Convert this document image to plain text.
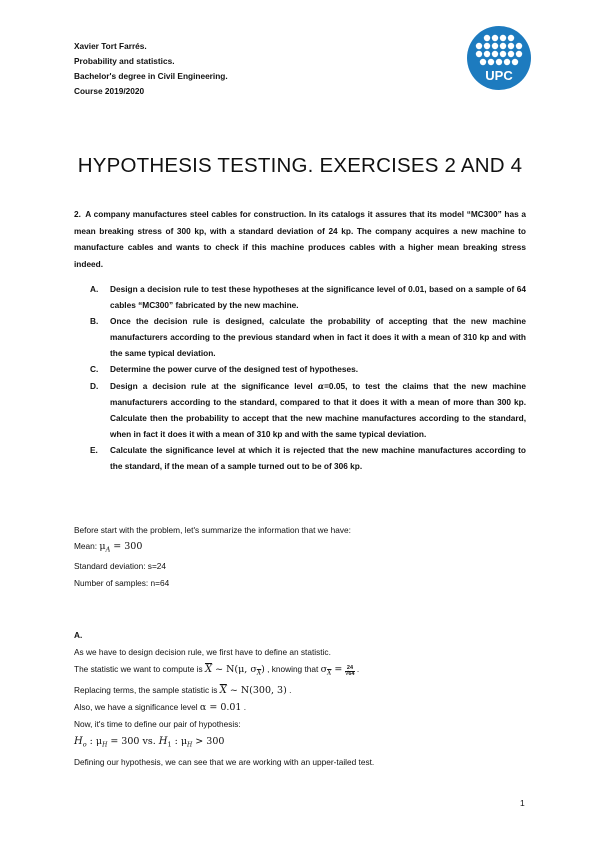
Xavier Tort Farrés.
Probability and statistics.
Bachelor's degree in Civil Engineering.
Course 2019/2020
UPC
HYPOTHESIS TESTING. EXERCISES 2 AND 4
2. A company manufactures steel cables for construction. In its catalogs it assures that its model “MC300” has a mean breaking stress of 300 kp, with a standard deviation of 24 kp. The company acquires a new machine to manufacture cables and wants to check if this machine produces cables with a higher mean breaking stress indeed.
A.	Design a decision rule to test these hypotheses at the significance level of 0.01, based on a sample of 64 cables “MC300” fabricated by the new machine.
B.	Once the decision rule is designed, calculate the probability of accepting that the new machine manufacturers according to the previous standard when in fact it does it with a mean of 310 kp and with the same typical deviation.
C.	Determine the power curve of the designed test of hypotheses.
D.	Design a decision rule at the significance level α=0.05, to test the claims that the new machine manufacturers according to the standard, compared to that it does it with a mean of more than 300 kp. Calculate then the probability to accept that the new machine manufactures according to the standard, when in fact it does it with a mean of 310 kp and with the same typical deviation.
E.	Calculate the significance level at which it is rejected that the new machine manufactures according to the standard, if the mean of a sample turned out to be of 306 kp.
Before start with the problem, let's summarize the information that we have:
Mean: $\mu_A = 300$
Standard deviation: s=24
Number of samples: n=64
A.
As we have to design decision rule, we first have to define an statistic.
The statistic we want to compute is $\overline{X}$ ~ N(μ, $\sigma_{\overline{X}}$) , knowing that $\sigma_{\overline{X}} = \frac{24}{√64}$ .
Replacing terms, the sample statistic is $\overline{X}$ ~ N(300, 3) .
Also, we have a significance level α = 0.01 .
Now, it's time to define our pair of hypothesis:
$H_o$ : $\mu_H = 300$ vs. $H_1$ : $\mu_H > 300$
Defining our hypothesis, we can see that we are working with an upper-tailed test.
1
